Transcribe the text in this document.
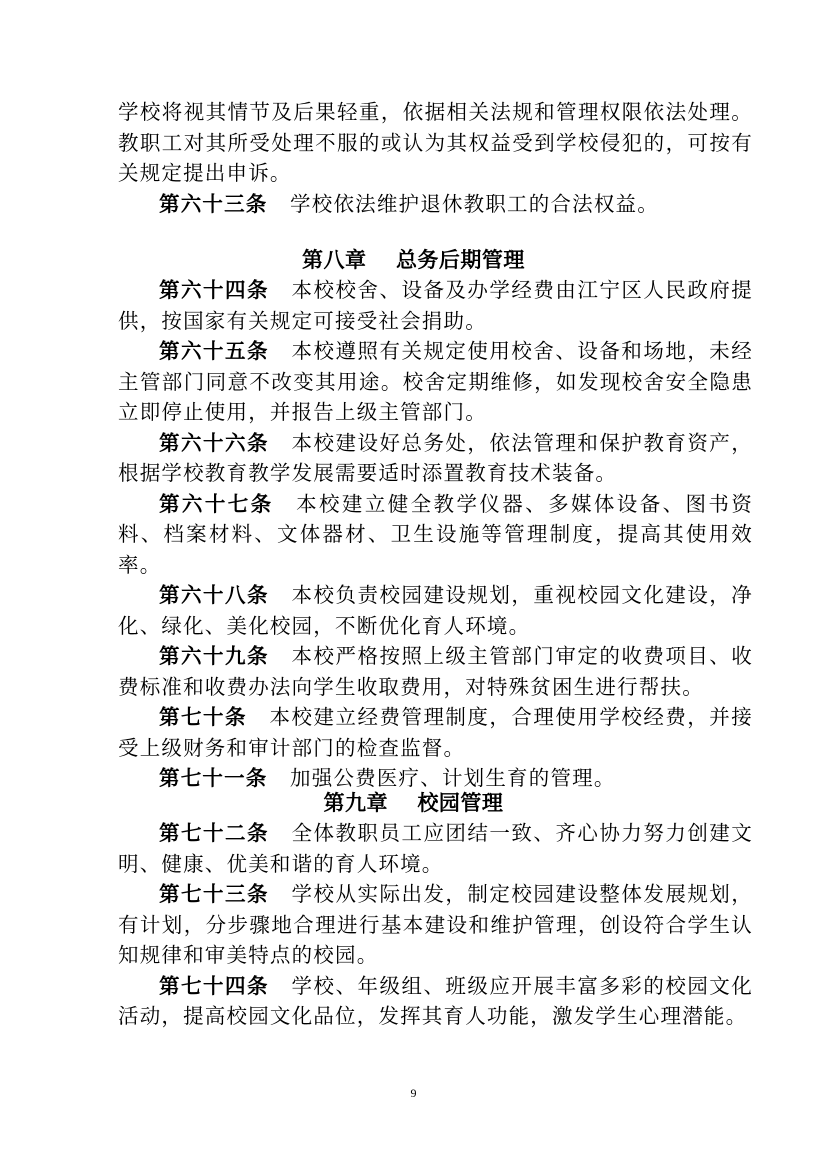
学校将视其情节及后果轻重，依据相关法规和管理权限依法处理。教职工对其所受处理不服的或认为其权益受到学校侵犯的，可按有关规定提出申诉。

第六十三条 学校依法维护退休教职工的合法权益。

第八章 总务后期管理

第六十四条 本校校舍、设备及办学经费由江宁区人民政府提供，按国家有关规定可接受社会捐助。

第六十五条 本校遵照有关规定使用校舍、设备和场地，未经主管部门同意不改变其用途。校舍定期维修，如发现校舍安全隐患立即停止使用，并报告上级主管部门。

第六十六条 本校建设好总务处，依法管理和保护教育资产，根据学校教育教学发展需要适时添置教育技术装备。

第六十七条 本校建立健全教学仪器、多媒体设备、图书资料、档案材料、文体器材、卫生设施等管理制度，提高其使用效率。

第六十八条 本校负责校园建设规划，重视校园文化建设，净化、绿化、美化校园，不断优化育人环境。

第六十九条 本校严格按照上级主管部门审定的收费项目、收费标准和收费办法向学生收取费用，对特殊贫困生进行帮扶。

第七十条 本校建立经费管理制度，合理使用学校经费，并接受上级财务和审计部门的检查监督。

第七十一条 加强公费医疗、计划生育的管理。

第九章 校园管理

第七十二条 全体教职员工应团结一致、齐心协力努力创建文明、健康、优美和谐的育人环境。

第七十三条 学校从实际出发，制定校园建设整体发展规划，有计划，分步骤地合理进行基本建设和维护管理，创设符合学生认知规律和审美特点的校园。

第七十四条 学校、年级组、班级应开展丰富多彩的校园文化活动，提高校园文化品位，发挥其育人功能，激发学生心理潜能。

9
